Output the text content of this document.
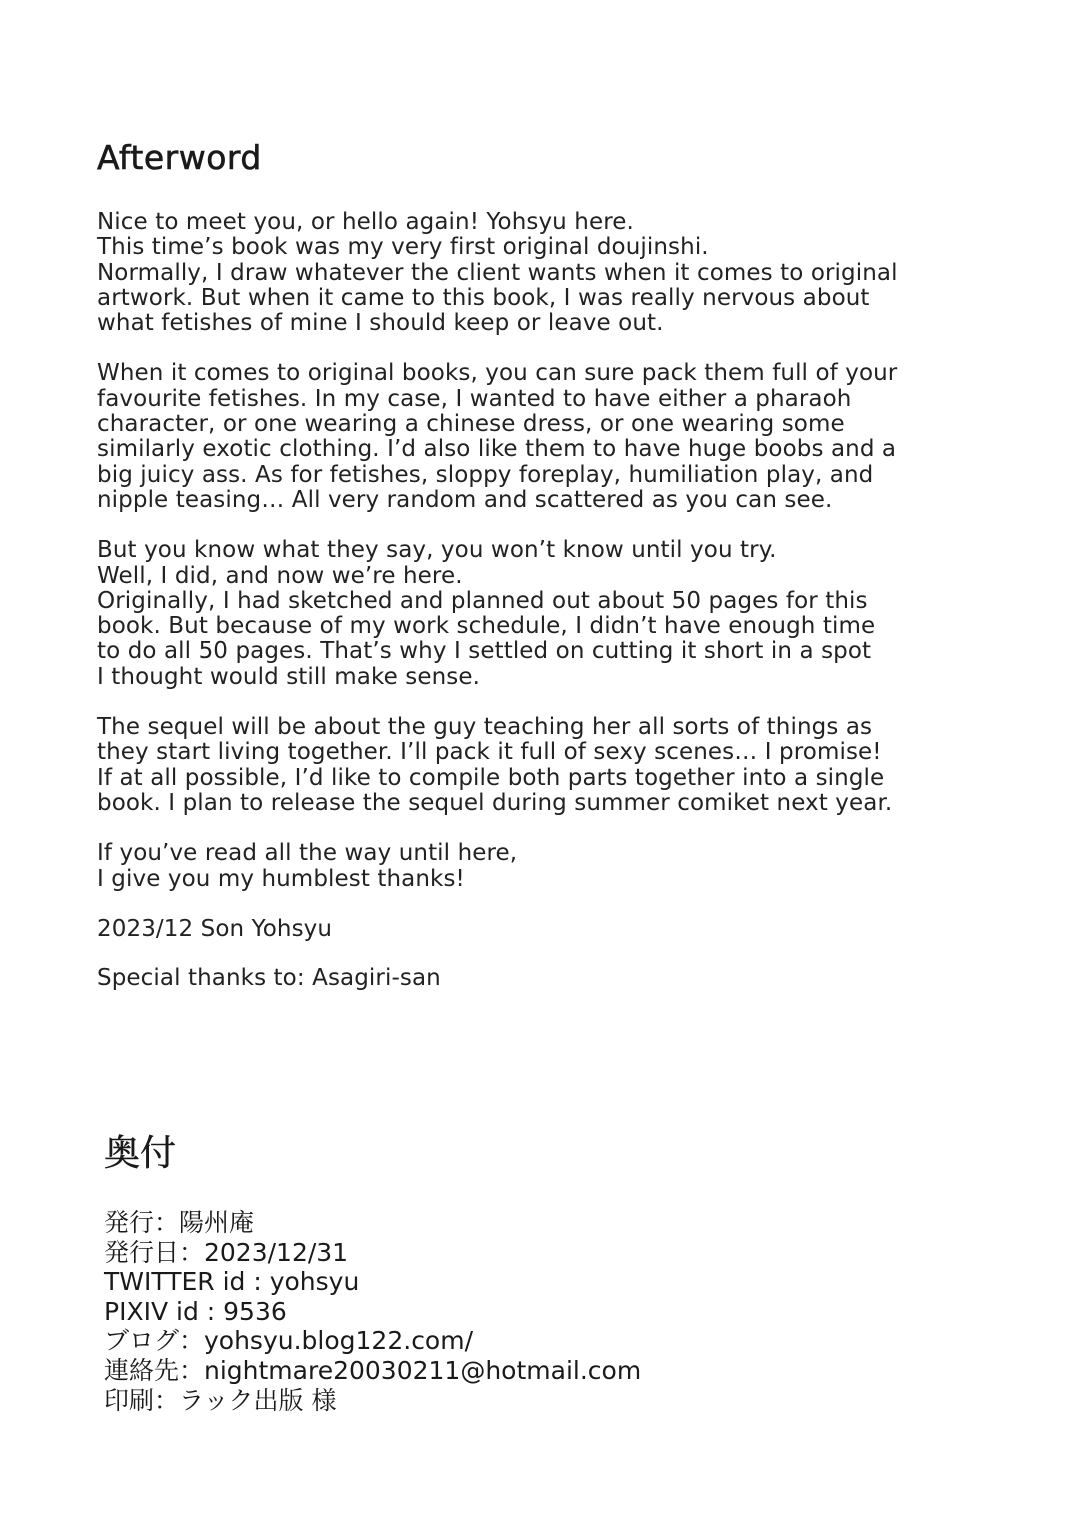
Afterword

Nice to meet you, or hello again! Yohsyu here.
This time’s book was my very first original doujinshi.
Normally, I draw whatever the client wants when it comes to original
artwork. But when it came to this book, I was really nervous about
what fetishes of mine I should keep or leave out.

When it comes to original books, you can sure pack them full of your
favourite fetishes. In my case, I wanted to have either a pharaoh
character, or one wearing a chinese dress, or one wearing some
similarly exotic clothing. I’d also like them to have huge boobs and a
big juicy ass. As for fetishes, sloppy foreplay, humiliation play, and
nipple teasing… All very random and scattered as you can see.

But you know what they say, you won’t know until you try.
Well, I did, and now we’re here.
Originally, I had sketched and planned out about 50 pages for this
book. But because of my work schedule, I didn’t have enough time
to do all 50 pages. That’s why I settled on cutting it short in a spot
I thought would still make sense.

The sequel will be about the guy teaching her all sorts of things as
they start living together. I’ll pack it full of sexy scenes… I promise!
If at all possible, I’d like to compile both parts together into a single
book. I plan to release the sequel during summer comiket next year.

If you’ve read all the way until here,
I give you my humblest thanks!

2023/12 Son Yohsyu

Special thanks to: Asagiri-san

奥付
発行：陽州庵
発行日：2023/12/31
TWITTER id : yohsyu
PIXIV id : 9536
ブログ：yohsyu.blog122.com/
連絡先：nightmare20030211@hotmail.com
印刷：ラック出版 様
